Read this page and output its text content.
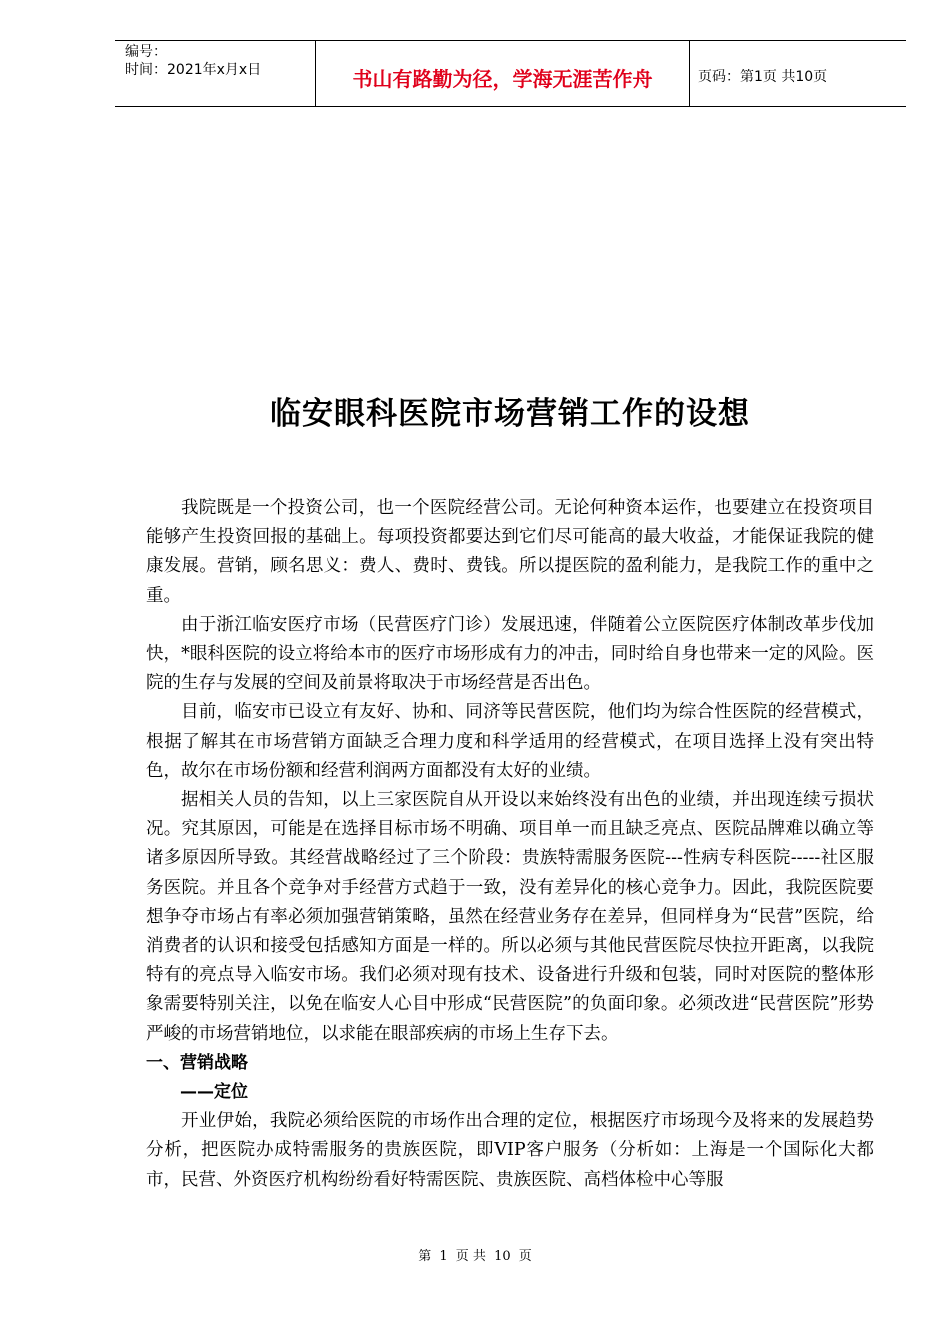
编号：
时间：2021年x月x日	书山有路勤为径，学海无涯苦作舟	页码：第1页 共10页
临安眼科医院市场营销工作的设想

我院既是一个投资公司，也一个医院经营公司。无论何种资本运作，也要建立在投资项目能够产生投资回报的基础上。每项投资都要达到它们尽可能高的最大收益，才能保证我院的健康发展。营销，顾名思义：费人、费时、费钱。所以提医院的盈利能力，是我院工作的重中之重。

由于浙江临安医疗市场（民营医疗门诊）发展迅速，伴随着公立医院医疗体制改革步伐加快，*眼科医院的设立将给本市的医疗市场形成有力的冲击，同时给自身也带来一定的风险。医院的生存与发展的空间及前景将取决于市场经营是否出色。

目前，临安市已设立有友好、协和、同济等民营医院，他们均为综合性医院的经营模式，根据了解其在市场营销方面缺乏合理力度和科学适用的经营模式，在项目选择上没有突出特色，故尔在市场份额和经营利润两方面都没有太好的业绩。

据相关人员的告知，以上三家医院自从开设以来始终没有出色的业绩，并出现连续亏损状况。究其原因，可能是在选择目标市场不明确、项目单一而且缺乏亮点、医院品牌难以确立等诸多原因所导致。其经营战略经过了三个阶段：贵族特需服务医院---性病专科医院-----社区服务医院。并且各个竞争对手经营方式趋于一致，没有差异化的核心竞争力。因此，我院医院要想争夺市场占有率必须加强营销策略，虽然在经营业务存在差异，但同样身为“民营”医院，给消费者的认识和接受包括感知方面是一样的。所以必须与其他民营医院尽快拉开距离，以我院特有的亮点导入临安市场。我们必须对现有技术、设备进行升级和包装，同时对医院的整体形象需要特别关注，以免在临安人心目中形成“民营医院”的负面印象。必须改进“民营医院”形势严峻的市场营销地位，以求能在眼部疾病的市场上生存下去。

一、营销战略
——定位

开业伊始，我院必须给医院的市场作出合理的定位，根据医疗市场现今及将来的发展趋势分析，把医院办成特需服务的贵族医院，即VIP客户服务（分析如：上海是一个国际化大都市，民营、外资医疗机构纷纷看好特需医院、贵族医院、高档体检中心等服

第 1 页 共 10 页
